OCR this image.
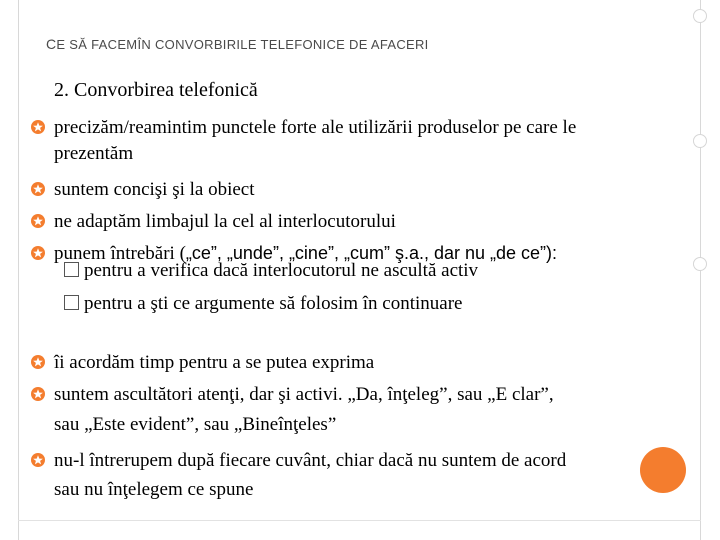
CE SĂ FACEMÎN CONVORBIRILE TELEFONICE DE AFACERI
2. Convorbirea telefonică
precizăm/reamintim punctele forte ale utilizării produselor pe care le
prezentăm
suntem concişi şi la obiect
ne adaptăm limbajul la cel al interlocutorului
punem întrebări („ce”, „unde”, „cine”, „cum” ş.a., dar nu „de ce”):
pentru a verifica dacă interlocutorul ne ascultă activ
pentru a şti ce argumente să folosim în continuare
îi acordăm timp pentru a se putea exprima
suntem ascultători atenţi, dar şi activi. „Da, înţeleg”, sau „E clar”,
sau „Este evident”, sau „Bineînţeles”
nu-l întrerupem după fiecare cuvânt, chiar dacă nu suntem de acord
sau nu înţelegem ce spune
